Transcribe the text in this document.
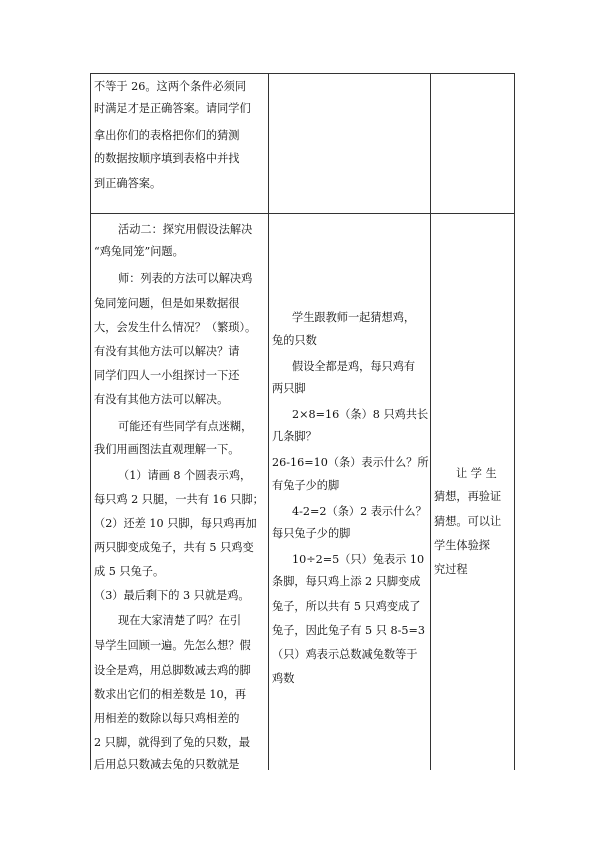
不等于 26。这两个条件必须同
时满足才是正确答案。请同学们
拿出你们的表格把你们的猜测
的数据按顺序填到表格中并找
到正确答案。
活动二：探究用假设法解决
“鸡兔同笼”问题。
师：列表的方法可以解决鸡
兔同笼问题，但是如果数据很
大，会发生什么情况？（繁琐）。
有没有其他方法可以解决？请
同学们四人一小组探讨一下还
有没有其他方法可以解决。
可能还有些同学有点迷糊，
我们用画图法直观理解一下。
（1）请画 8 个圆表示鸡，
每只鸡 2 只腿，一共有 16 只脚；
（2）还差 10 只脚，每只鸡再加
两只脚变成兔子，共有 5 只鸡变
成 5 只兔子。
（3）最后剩下的 3 只就是鸡。
现在大家清楚了吗？在引
导学生回顾一遍。先怎么想？假
设全是鸡，用总脚数减去鸡的脚
数求出它们的相差数是 10，再
用相差的数除以每只鸡相差的
2 只脚，就得到了兔的只数，最
后用总只数减去兔的只数就是
学生跟教师一起猜想鸡，
兔的只数
假设全都是鸡，每只鸡有
两只脚
2×8=16（条）8 只鸡共长
几条脚？
26-16=10（条）表示什么？所
有兔子少的脚
4-2=2（条）2 表示什么？
每只兔子少的脚
10÷2=5（只）兔表示 10
条脚，每只鸡上添 2 只脚变成
兔子，所以共有 5 只鸡变成了
兔子，因此兔子有 5 只 8-5=3
（只）鸡表示总数减兔数等于
鸡数
让 学 生
猜想，再验证
猜想。可以让
学生体验探
究过程
